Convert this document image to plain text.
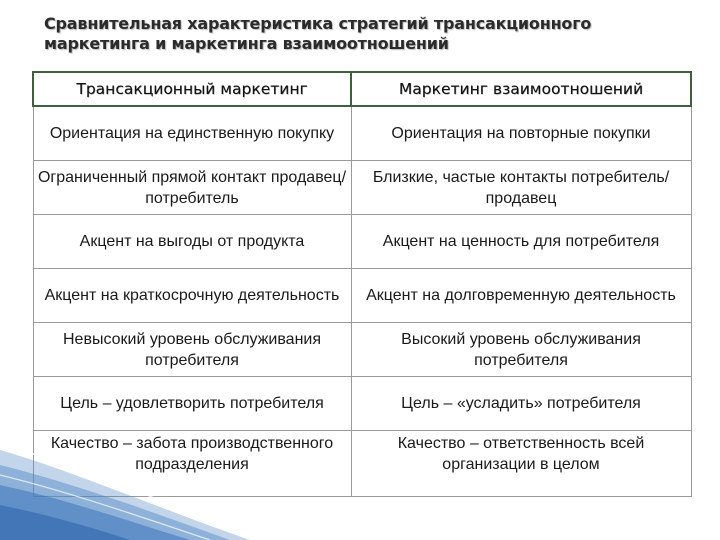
Сравнительная характеристика стратегий трансакционного маркетинга и маркетинга взаимоотношений
Трансакционный маркетинг	Маркетинг взаимоотношений
Ориентация на единственную покупку	Ориентация на повторные покупки
Ограниченный прямой контакт продавец/потребитель	Близкие, частые контакты потребитель/продавец
Акцент на выгоды от продукта	Акцент на ценность для потребителя
Акцент на краткосрочную деятельность	Акцент на долговременную деятельность
Невысокий уровень обслуживания потребителя	Высокий уровень обслуживания потребителя
Цель – удовлетворить потребителя	Цель – «усладить» потребителя
Качество – забота производственного подразделения	Качество – ответственность всей организации в целом
